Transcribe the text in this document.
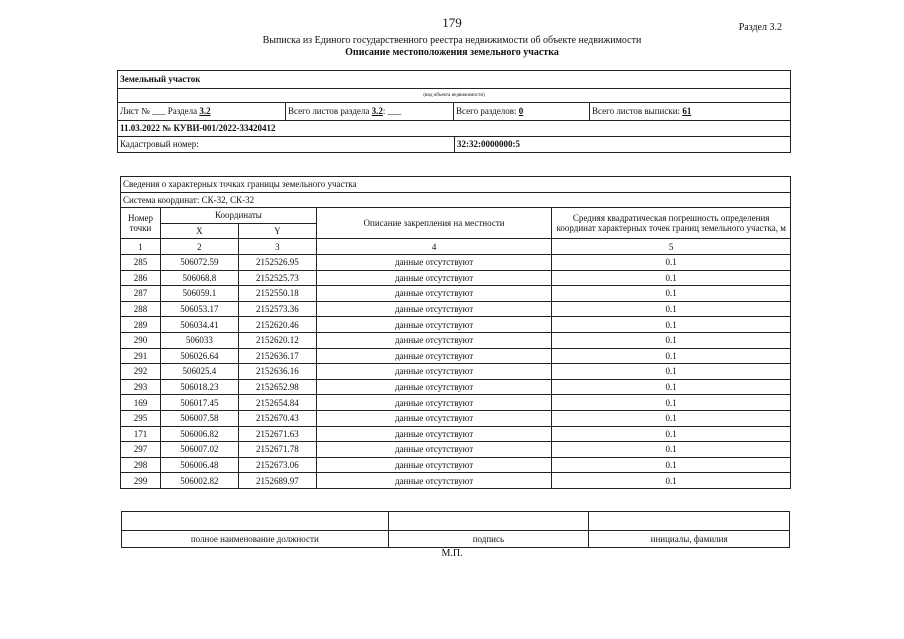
179	Раздел 3.2
Выписка из Единого государственного реестра недвижимости об объекте недвижимости
Описание местоположения земельного участка
Земельный участок
(вид объекта недвижимости)
Лист № ___ Раздела 3.2	Всего листов раздела 3.2: ___	Всего разделов: 0	Всего листов выписки: 61
11.03.2022 № КУВИ-001/2022-33420412
Кадастровый номер:	32:32:0000000:5
Сведения о характерных точках границы земельного участка				
Система координат: СК-32, СК-32				
Номер точки	Координаты		Описание закрепления на местности	Средняя квадратическая погрешность определения координат характерных точек границ земельного участка, м
	X	Y		
1	2	3	4	5
285	506072.59	2152526.95	данные отсутствуют	0.1
286	506068.8	2152525.73	данные отсутствуют	0.1
287	506059.1	2152550.18	данные отсутствуют	0.1
288	506053.17	2152573.36	данные отсутствуют	0.1
289	506034.41	2152620.46	данные отсутствуют	0.1
290	506033	2152620.12	данные отсутствуют	0.1
291	506026.64	2152636.17	данные отсутствуют	0.1
292	506025.4	2152636.16	данные отсутствуют	0.1
293	506018.23	2152652.98	данные отсутствуют	0.1
169	506017.45	2152654.84	данные отсутствуют	0.1
295	506007.58	2152670.43	данные отсутствуют	0.1
171	506006.82	2152671.63	данные отсутствуют	0.1
297	506007.02	2152671.78	данные отсутствуют	0.1
298	506006.48	2152673.06	данные отсутствуют	0.1
299	506002.82	2152689.97	данные отсутствуют	0.1

полное наименование должности	подпись	инициалы, фамилия
М.П.
